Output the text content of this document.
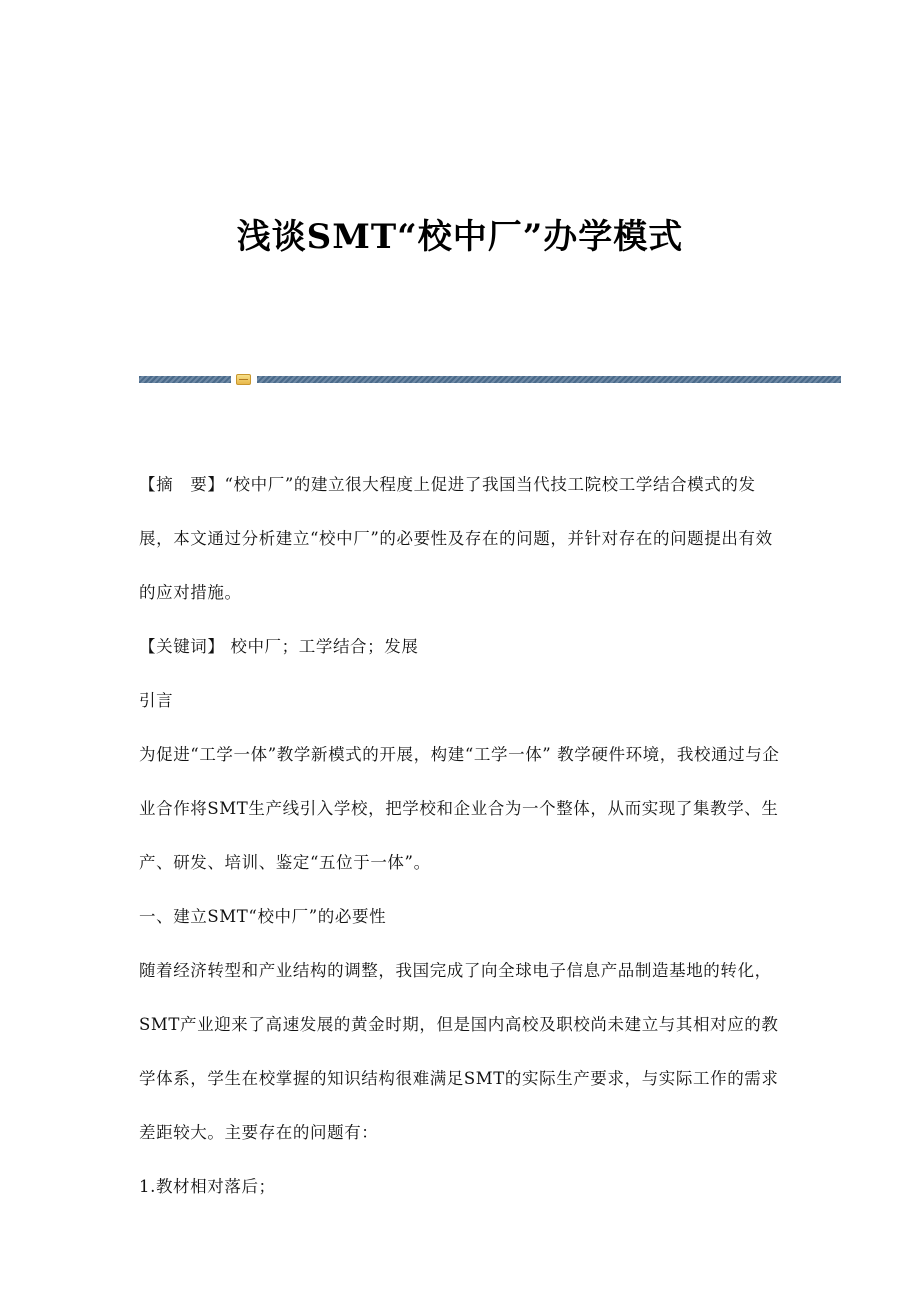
浅谈SMT“校中厂”办学模式

【摘　要】“校中厂”的建立很大程度上促进了我国当代技工院校工学结合模式的发展，本文通过分析建立“校中厂”的必要性及存在的问题，并针对存在的问题提出有效的应对措施。

【关键词】 校中厂；工学结合；发展

引言

为促进“工学一体”教学新模式的开展，构建“工学一体” 教学硬件环境，我校通过与企业合作将SMT生产线引入学校，把学校和企业合为一个整体，从而实现了集教学、生产、研发、培训、鉴定“五位于一体”。

一、建立SMT“校中厂”的必要性

随着经济转型和产业结构的调整，我国完成了向全球电子信息产品制造基地的转化，SMT产业迎来了高速发展的黄金时期，但是国内高校及职校尚未建立与其相对应的教学体系，学生在校掌握的知识结构很难满足SMT的实际生产要求，与实际工作的需求差距较大。主要存在的问题有：

1.教材相对落后；
